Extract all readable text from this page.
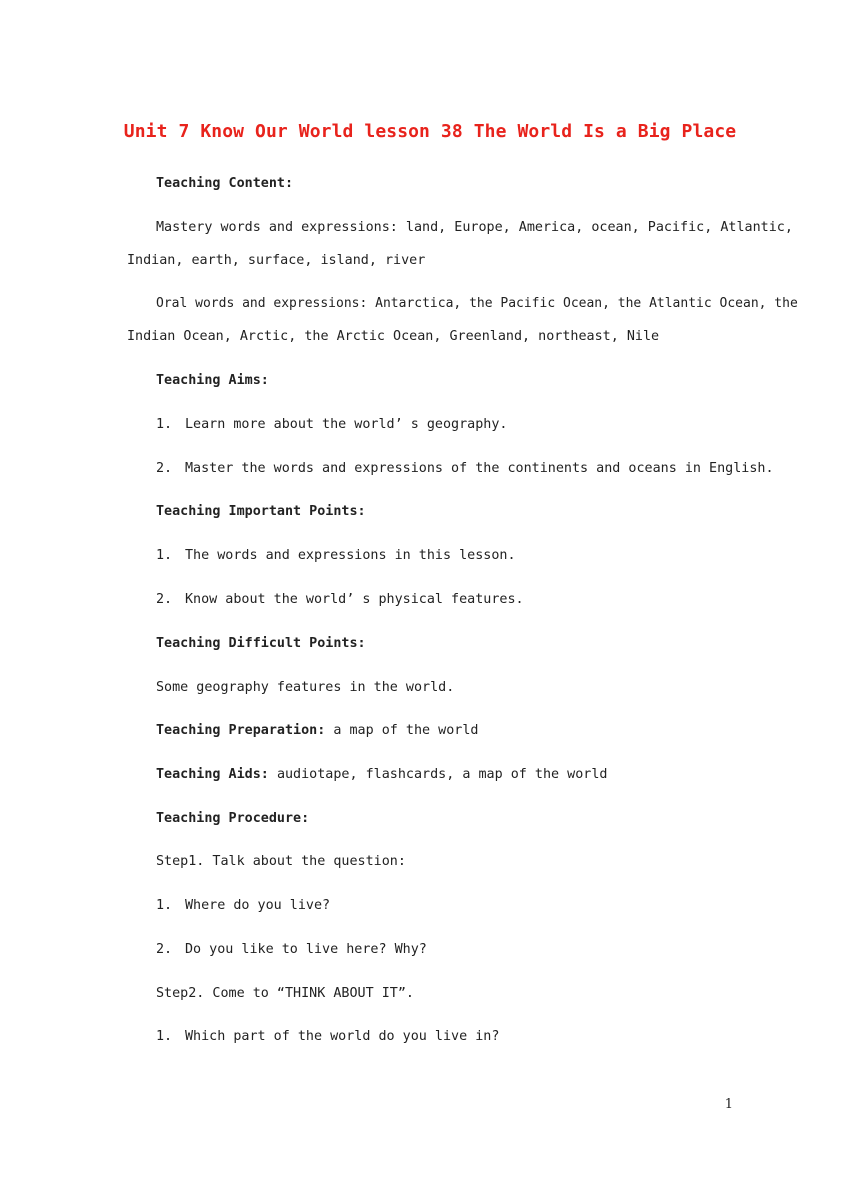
Unit 7 Know Our World lesson 38 The World Is a Big Place
Teaching Content:
Mastery words and expressions: land, Europe, America, ocean, Pacific, Atlantic,
Indian, earth, surface, island, river
Oral words and expressions: Antarctica, the Pacific Ocean, the Atlantic Ocean, the
Indian Ocean, Arctic, the Arctic Ocean, Greenland, northeast, Nile
Teaching Aims:
1. Learn more about the world’ s geography.
2. Master the words and expressions of the continents and oceans in English.
Teaching Important Points:
1. The words and expressions in this lesson.
2. Know about the world’ s physical features.
Teaching Difficult Points:
Some geography features in the world.
Teaching Preparation: a map of the world
Teaching Aids: audiotape, flashcards, a map of the world
Teaching Procedure:
Step1. Talk about the question:
1. Where do you live?
2. Do you like to live here? Why?
Step2. Come to “THINK ABOUT IT”.
1. Which part of the world do you live in?
1
